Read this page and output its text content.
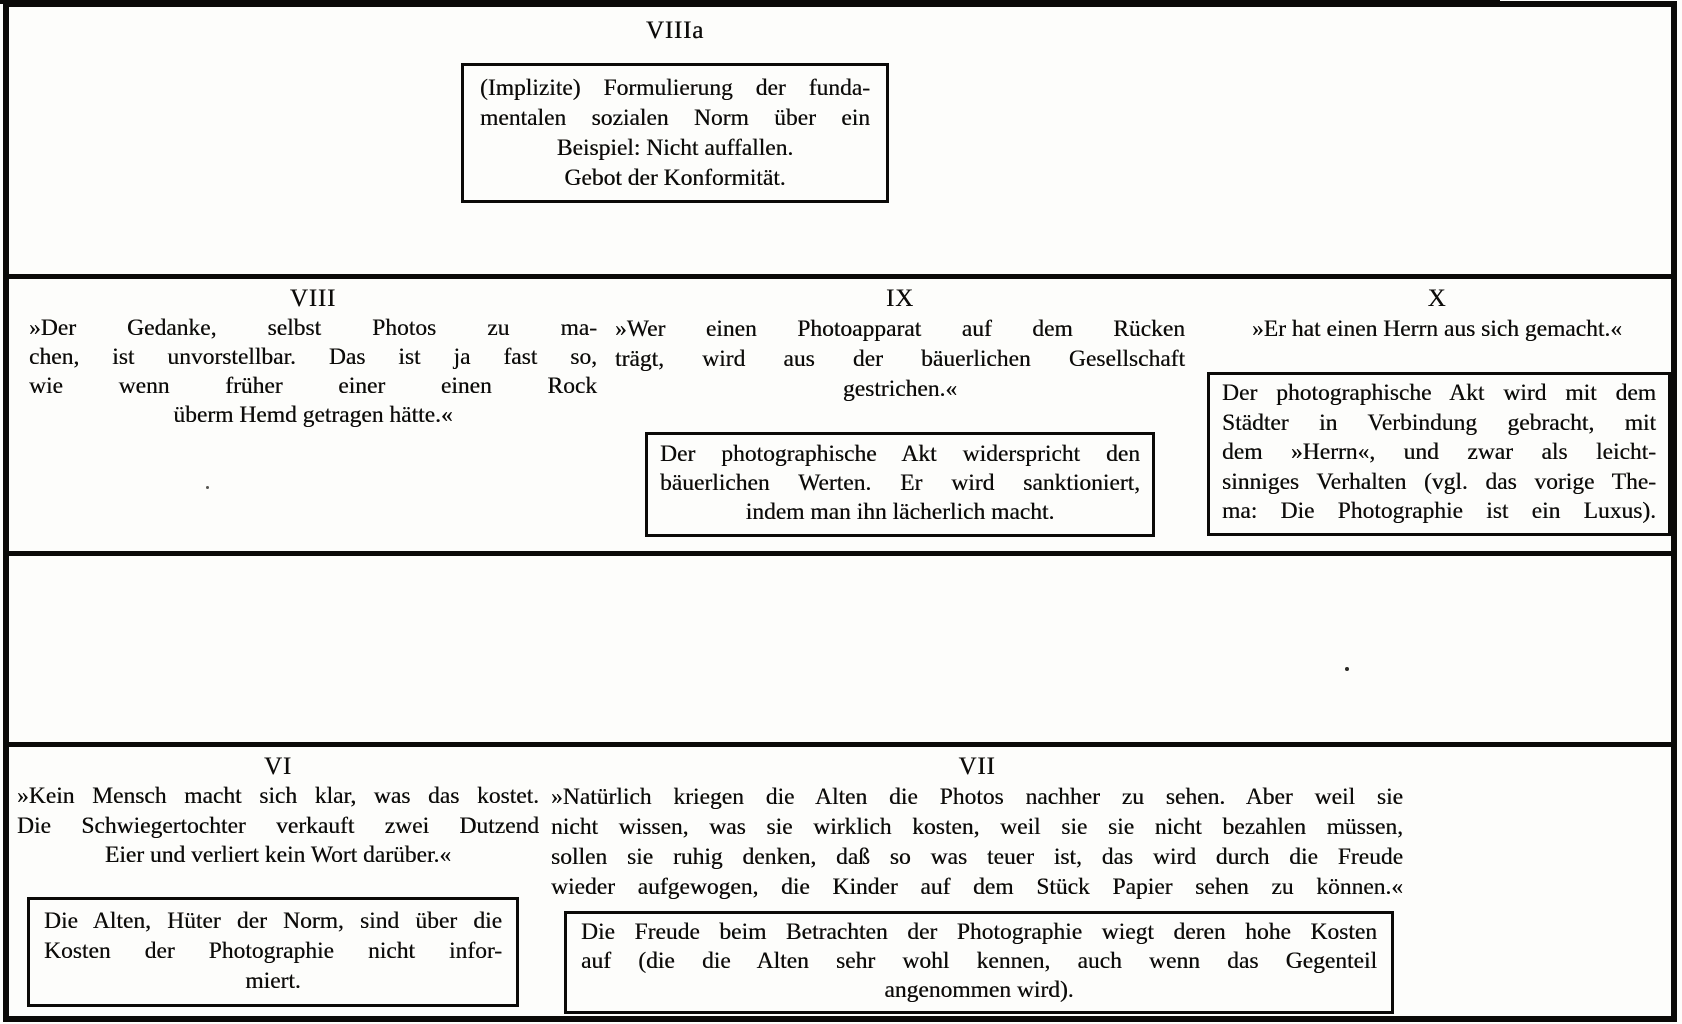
VIIIa
(Implizite) Formulierung der funda-
mentalen sozialen Norm über ein
Beispiel: Nicht auffallen.
Gebot der Konformität.
VIII
»Der Gedanke, selbst Photos zu ma-
chen, ist unvorstellbar. Das ist ja fast so,
wie wenn früher einer einen Rock
überm Hemd getragen hätte.«
IX
»Wer einen Photoapparat auf dem Rücken
trägt, wird aus der bäuerlichen Gesellschaft
gestrichen.«
Der photographische Akt widerspricht den
bäuerlichen Werten. Er wird sanktioniert,
indem man ihn lächerlich macht.
X
»Er hat einen Herrn aus sich gemacht.«
Der photographische Akt wird mit dem
Städter in Verbindung gebracht, mit
dem »Herrn«, und zwar als leicht-
sinniges Verhalten (vgl. das vorige The-
ma: Die Photographie ist ein Luxus).
VI
»Kein Mensch macht sich klar, was das kostet.
Die Schwiegertochter verkauft zwei Dutzend
Eier und verliert kein Wort darüber.«
Die Alten, Hüter der Norm, sind über die
Kosten der Photographie nicht infor-
miert.
VII
»Natürlich kriegen die Alten die Photos nachher zu sehen. Aber weil sie
nicht wissen, was sie wirklich kosten, weil sie sie nicht bezahlen müssen,
sollen sie ruhig denken, daß so was teuer ist, das wird durch die Freude
wieder aufgewogen, die Kinder auf dem Stück Papier sehen zu können.«
Die Freude beim Betrachten der Photographie wiegt deren hohe Kosten
auf (die die Alten sehr wohl kennen, auch wenn das Gegenteil
angenommen wird).
